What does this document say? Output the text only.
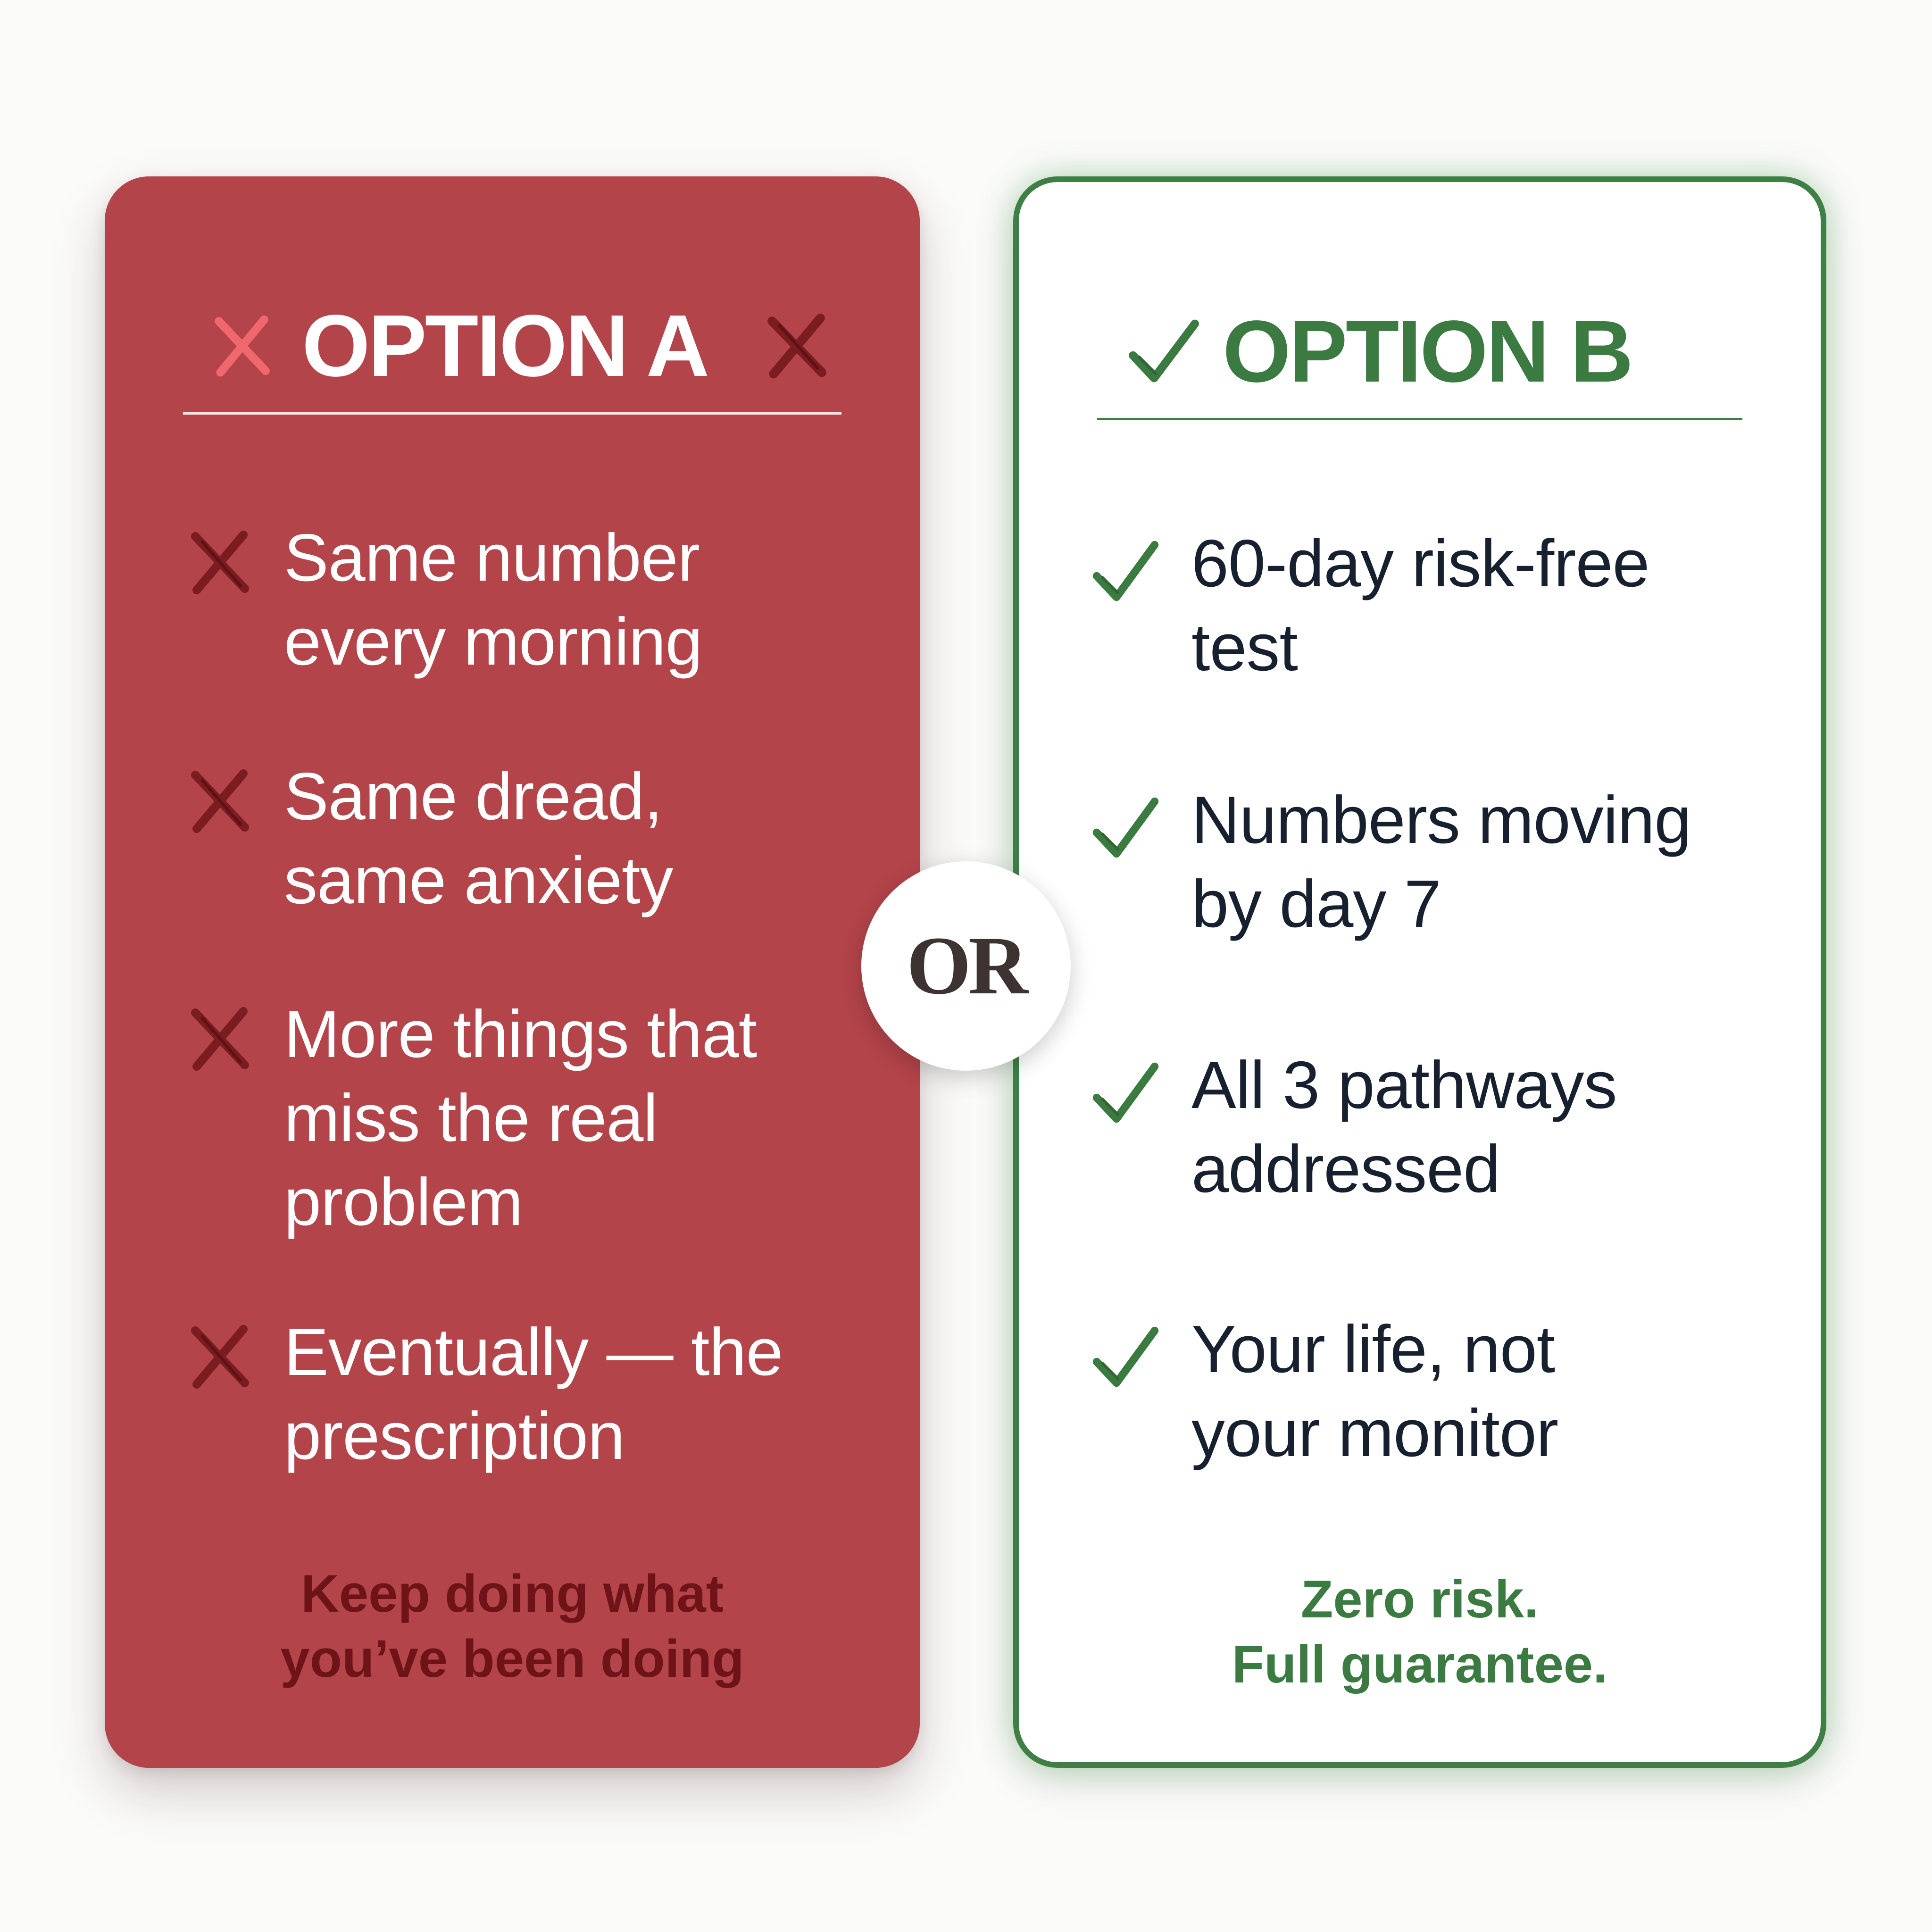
OPTION A
Same number
every morning
Same dread,
same anxiety
More things that
miss the real
problem
Eventually — the
prescription
Keep doing what
you’ve been doing
OPTION B
60-day risk-free
test
Numbers moving
by day 7
All 3 pathways
addressed
Your life, not
your monitor
Zero risk.
Full guarantee.
OR
